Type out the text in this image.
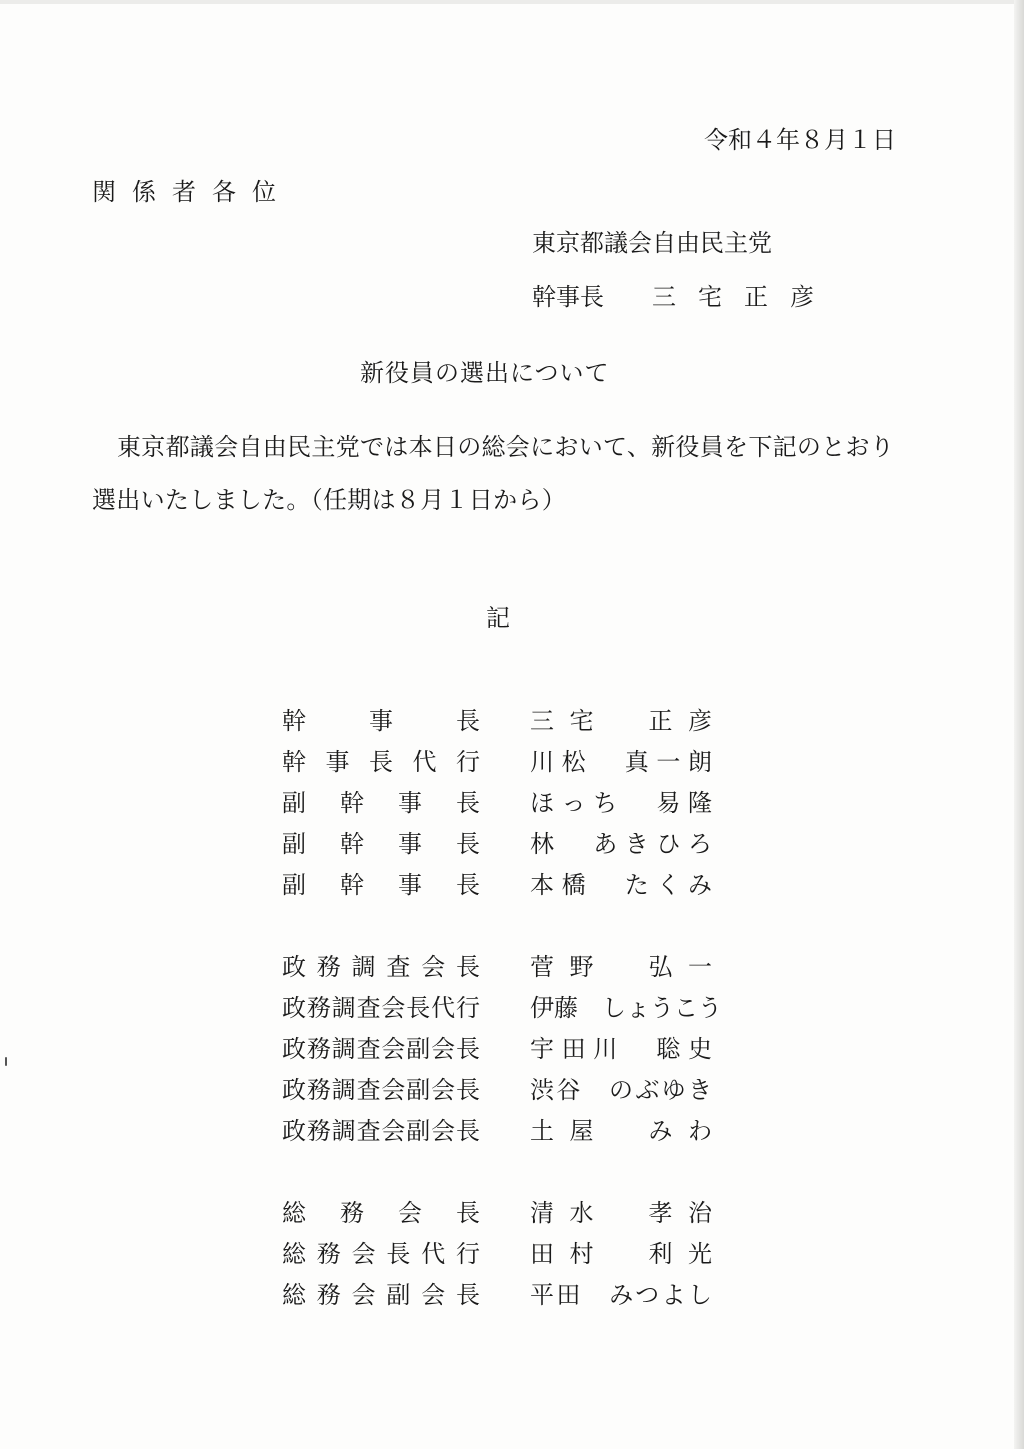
令和４年８月１日
関係者各位
東京都議会自由民主党
幹事長	三宅正彦
新役員の選出について
東京都議会自由民主党では本日の総会において、新役員を下記のとおり
選出いたしました。（任期は８月１日から）
記
幹事長 三宅　正彦
幹事長代行 川松　真一朗
副幹事長 ほっち　易隆
副幹事長 林　あきひろ
副幹事長 本橋　たくみ
政務調査会長 菅野　弘一
政務調査会長代行 伊藤　しょうこう
政務調査会副会長 宇田川　聡史
政務調査会副会長 渋谷　のぶゆき
政務調査会副会長 土屋　みわ
総務会長 清水　孝治
総務会長代行 田村　利光
総務会副会長 平田　みつよし
